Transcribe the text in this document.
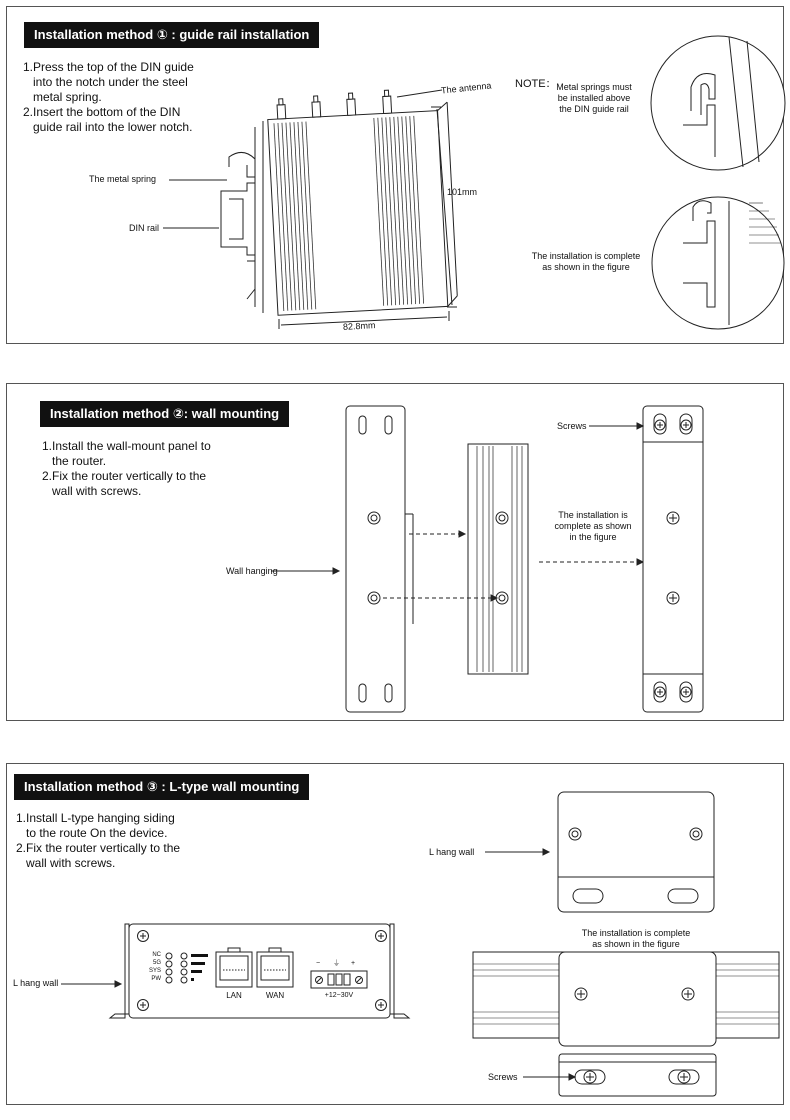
Installation method ① : guide rail installation
1.Press the top of the DIN guide
into the notch under the steel
metal spring.
2.Insert the bottom of the DIN
guide rail into the lower notch.
The antenna
The metal spring
DIN rail
101mm
82.8mm
NOTE： Metal springs must
be installed above
the DIN guide rail
The installation is complete
as shown in the figure
Installation method ②: wall mounting
1.Install the wall-mount panel to
the router.
2.Fix the router vertically to the
wall with screws.
Wall hanging
Screws
The installation is
complete as shown
in the figure
Installation method ③ : L-type wall mounting
1.Install L-type hanging siding
to the route On the device.
2.Fix the router vertically to the
wall with screws.
L hang wall
L hang wall
The installation is complete
as shown in the figure
Screws
NC
5G
SYS
PW
LAN	WAN
− ⏚ +
+12~30V
